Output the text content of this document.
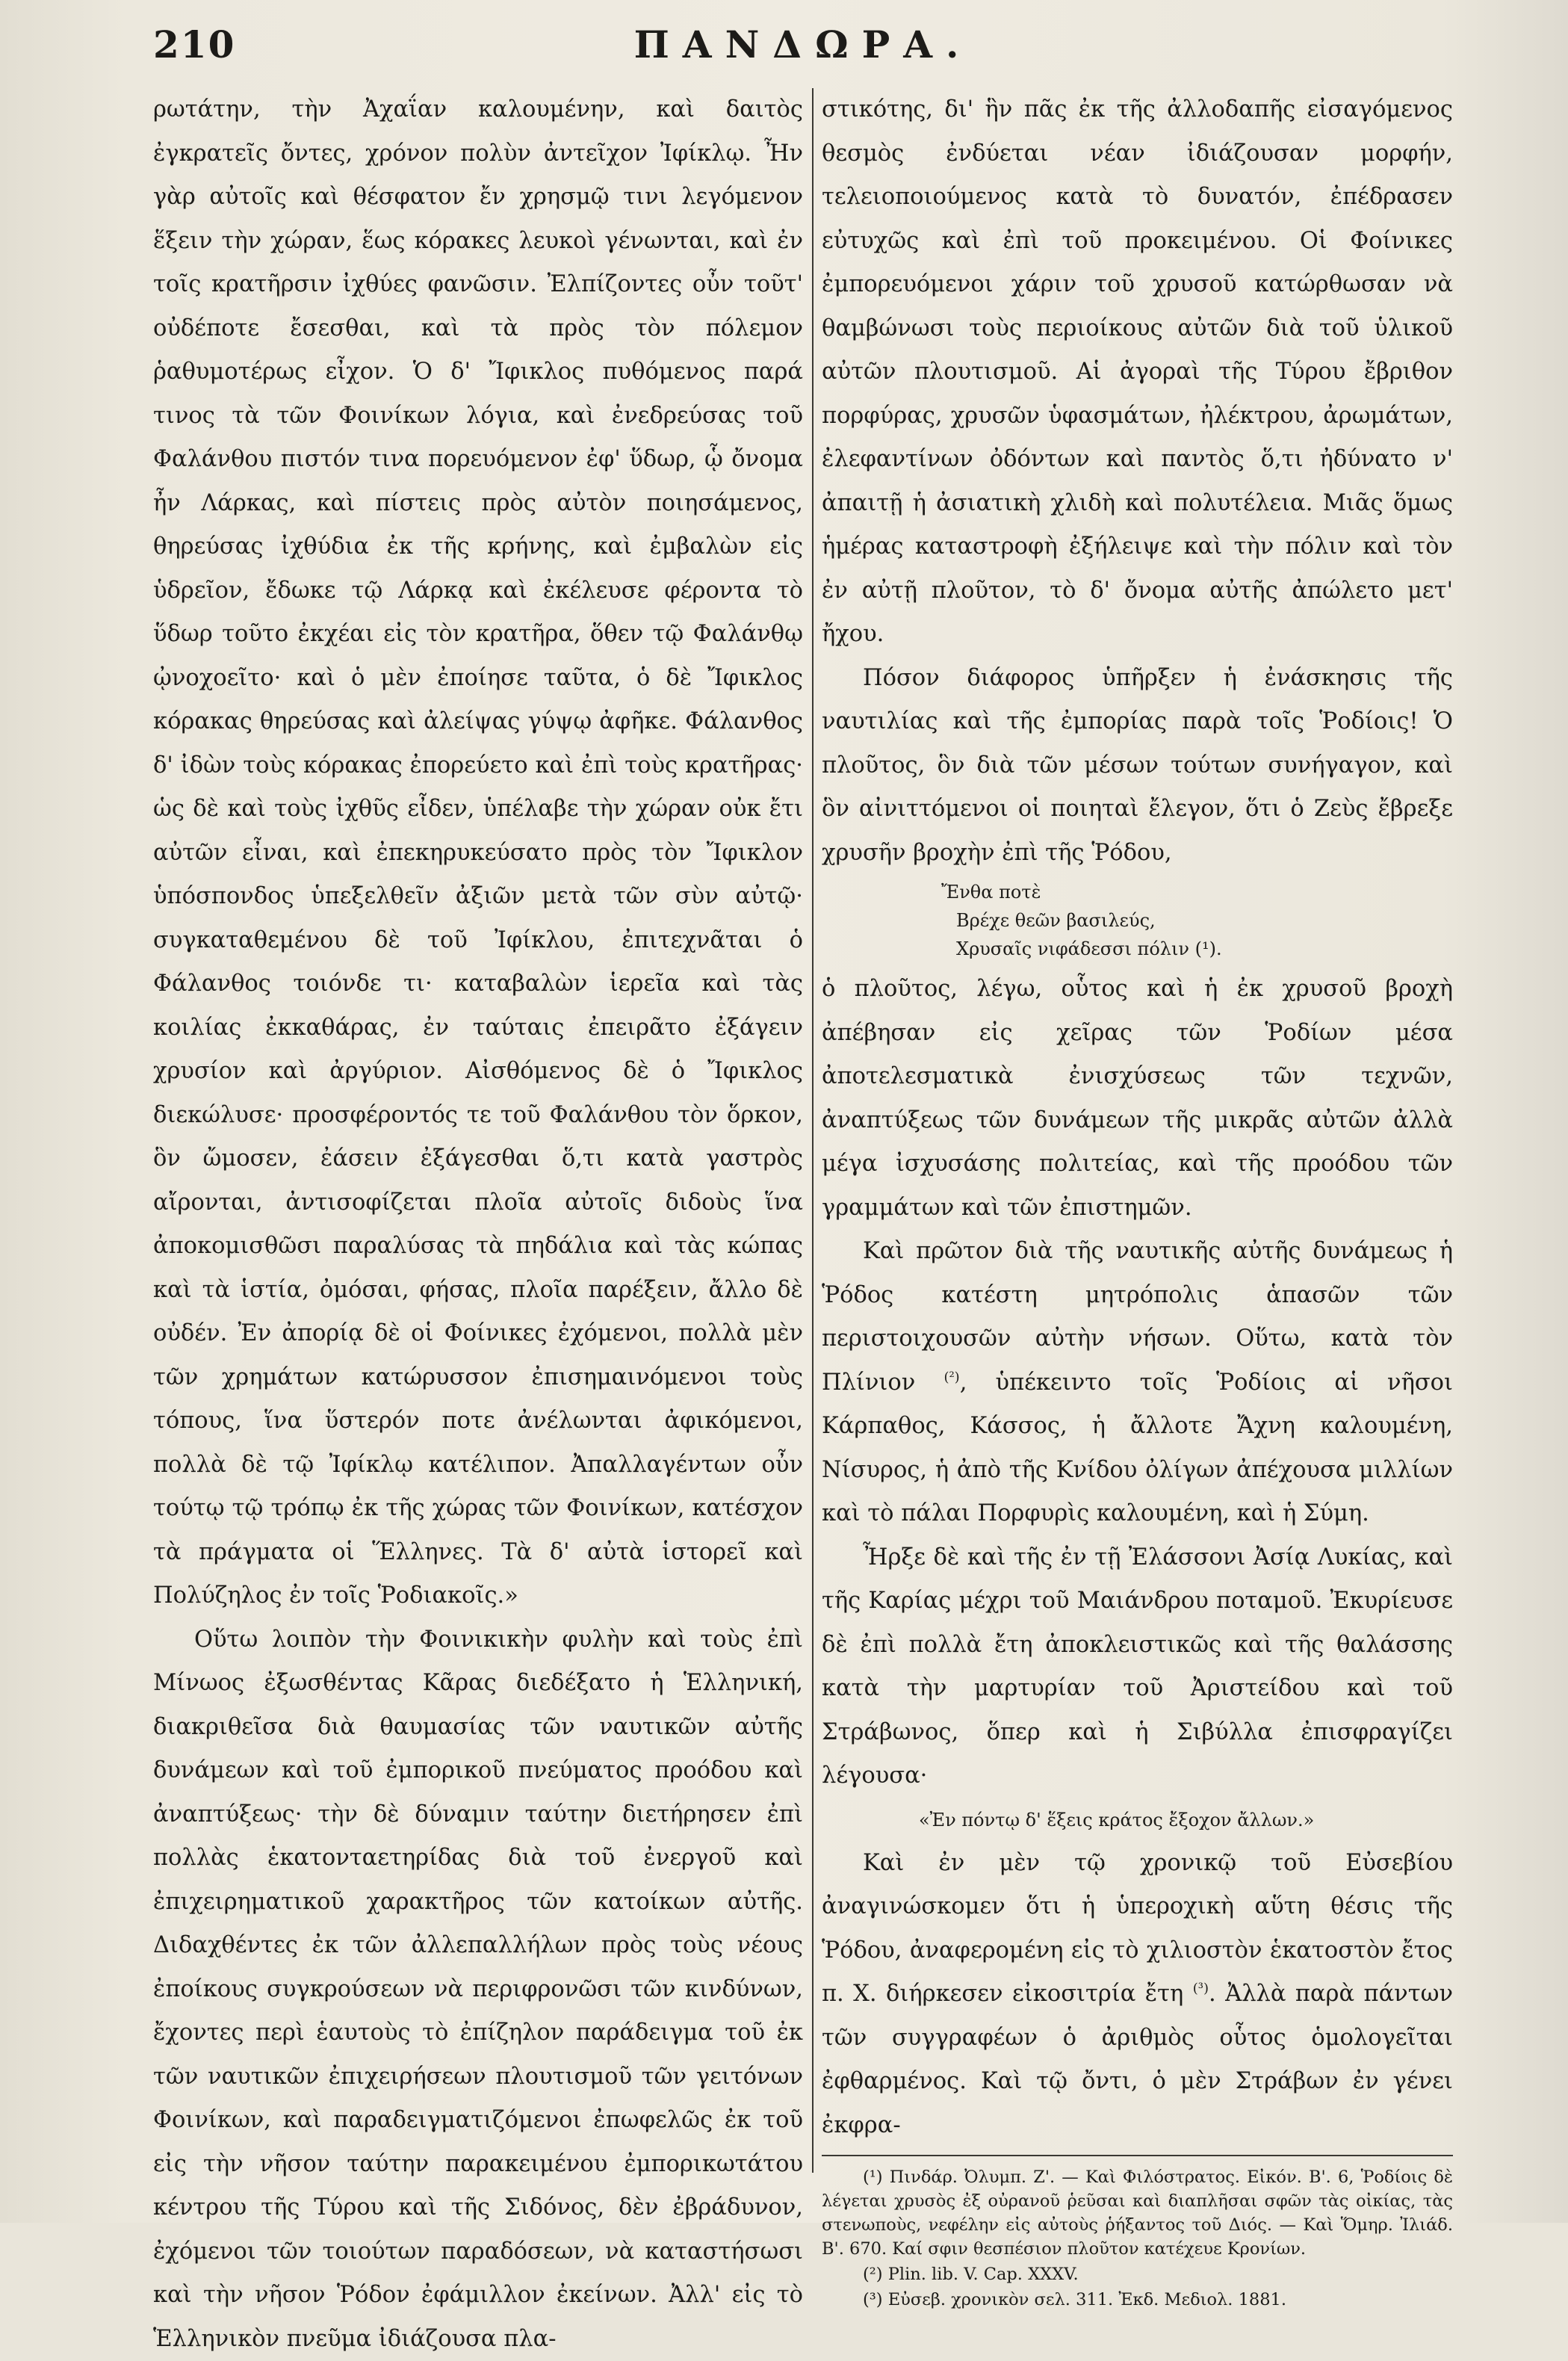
210	ΠΑΝΔΩΡΑ.

ρωτάτην, τὴν Ἀχαΐαν καλουμένην, καὶ δαιτὸς ἐγκρατεῖς ὄντες, χρόνον πολὺν ἀντεῖχον Ἰφίκλῳ. Ἦν γὰρ αὐτοῖς καὶ θέσφατον ἔν χρησμῷ τινι λεγόμενον ἕξειν τὴν χώραν, ἕως κόρακες λευκοὶ γένωνται, καὶ ἐν τοῖς κρατῆρσιν ἰχθύες φανῶσιν. Ἐλπίζοντες οὖν τοῦτ' οὐδέποτε ἔσεσθαι, καὶ τὰ πρὸς τὸν πόλεμον ῥαθυμοτέρως εἶχον. Ὁ δ' Ἴφικλος πυθόμενος παρά τινος τὰ τῶν Φοινίκων λόγια, καὶ ἐνεδρεύσας τοῦ Φαλάνθου πιστόν τινα πορευόμενον ἐφ' ὕδωρ, ᾧ ὄνομα ἦν Λάρκας, καὶ πίστεις πρὸς αὐτὸν ποιησάμενος, θηρεύσας ἰχθύδια ἐκ τῆς κρήνης, καὶ ἐμβαλὼν εἰς ὑδρεῖον, ἔδωκε τῷ Λάρκᾳ καὶ ἐκέλευσε φέροντα τὸ ὕδωρ τοῦτο ἐκχέαι εἰς τὸν κρατῆρα, ὅθεν τῷ Φαλάνθῳ ᾠνοχοεῖτο· καὶ ὁ μὲν ἐποίησε ταῦτα, ὁ δὲ Ἴφικλος κόρακας θηρεύσας καὶ ἀλείψας γύψῳ ἀφῆκε. Φάλανθος δ' ἰδὼν τοὺς κόρακας ἐπορεύετο καὶ ἐπὶ τοὺς κρατῆρας· ὡς δὲ καὶ τοὺς ἰχθῦς εἶδεν, ὑπέλαβε τὴν χώραν οὐκ ἔτι αὐτῶν εἶναι, καὶ ἐπεκηρυκεύσατο πρὸς τὸν Ἴφικλον ὑπόσπονδος ὑπεξελθεῖν ἀξιῶν μετὰ τῶν σὺν αὐτῷ· συγκαταθεμένου δὲ τοῦ Ἰφίκλου, ἐπιτεχνᾶται ὁ Φάλανθος τοιόνδε τι· καταβαλὼν ἱερεῖα καὶ τὰς κοιλίας ἐκκαθάρας, ἐν ταύταις ἐπειρᾶτο ἐξάγειν χρυσίον καὶ ἀργύριον. Αἰσθόμενος δὲ ὁ Ἴφικλος διεκώλυσε· προσφέροντός τε τοῦ Φαλάνθου τὸν ὅρκον, ὃν ὤμοσεν, ἐάσειν ἐξάγεσθαι ὅ,τι κατὰ γαστρὸς αἴρονται, ἀντισοφίζεται πλοῖα αὐτοῖς διδοὺς ἵνα ἀποκομισθῶσι παραλύσας τὰ πηδάλια καὶ τὰς κώπας καὶ τὰ ἱστία, ὀμόσαι, φήσας, πλοῖα παρέξειν, ἄλλο δὲ οὐδέν. Ἐν ἀπορίᾳ δὲ οἱ Φοίνικες ἐχόμενοι, πολλὰ μὲν τῶν χρημάτων κατώρυσσον ἐπισημαινόμενοι τοὺς τόπους, ἵνα ὕστερόν ποτε ἀνέλωνται ἀφικόμενοι, πολλὰ δὲ τῷ Ἰφίκλῳ κατέλιπον. Ἀπαλλαγέντων οὖν τούτῳ τῷ τρόπῳ ἐκ τῆς χώρας τῶν Φοινίκων, κατέσχον τὰ πράγματα οἱ Ἕλληνες. Τὰ δ' αὐτὰ ἱστορεῖ καὶ Πολύζηλος ἐν τοῖς Ῥοδιακοῖς.»

Οὕτω λοιπὸν τὴν Φοινικικὴν φυλὴν καὶ τοὺς ἐπὶ Μίνωος ἐξωσθέντας Κᾶρας διεδέξατο ἡ Ἑλληνική, διακριθεῖσα διὰ θαυμασίας τῶν ναυτικῶν αὐτῆς δυνάμεων καὶ τοῦ ἐμπορικοῦ πνεύματος προόδου καὶ ἀναπτύξεως· τὴν δὲ δύναμιν ταύτην διετήρησεν ἐπὶ πολλὰς ἑκατονταετηρίδας διὰ τοῦ ἐνεργοῦ καὶ ἐπιχειρηματικοῦ χαρακτῆρος τῶν κατοίκων αὐτῆς. Διδαχθέντες ἐκ τῶν ἀλλεπαλλήλων πρὸς τοὺς νέους ἐποίκους συγκρούσεων νὰ περιφρονῶσι τῶν κινδύνων, ἔχοντες περὶ ἑαυτοὺς τὸ ἐπίζηλον παράδειγμα τοῦ ἐκ τῶν ναυτικῶν ἐπιχειρήσεων πλουτισμοῦ τῶν γειτόνων Φοινίκων, καὶ παραδειγματιζόμενοι ἐπωφελῶς ἐκ τοῦ εἰς τὴν νῆσον ταύτην παρακειμένου ἐμπορικωτάτου κέντρου τῆς Τύρου καὶ τῆς Σιδόνος, δὲν ἐβράδυνον, ἐχόμενοι τῶν τοιούτων παραδόσεων, νὰ καταστήσωσι καὶ τὴν νῆσον Ῥόδον ἐφάμιλλον ἐκείνων. Ἀλλ' εἰς τὸ Ἑλληνικὸν πνεῦμα ἰδιάζουσα πλα-

στικότης, δι' ἣν πᾶς ἐκ τῆς ἀλλοδαπῆς εἰσαγόμενος θεσμὸς ἐνδύεται νέαν ἰδιάζουσαν μορφήν, τελειοποιούμενος κατὰ τὸ δυνατόν, ἐπέδρασεν εὐτυχῶς καὶ ἐπὶ τοῦ προκειμένου. Οἱ Φοίνικες ἐμπορευόμενοι χάριν τοῦ χρυσοῦ κατώρθωσαν νὰ θαμβώνωσι τοὺς περιοίκους αὐτῶν διὰ τοῦ ὑλικοῦ αὐτῶν πλουτισμοῦ. Αἱ ἀγοραὶ τῆς Τύρου ἔβριθον πορφύρας, χρυσῶν ὑφασμάτων, ἠλέκτρου, ἀρωμάτων, ἐλεφαντίνων ὀδόντων καὶ παντὸς ὅ,τι ἠδύνατο ν' ἀπαιτῇ ἡ ἀσιατικὴ χλιδὴ καὶ πολυτέλεια. Μιᾶς ὅμως ἡμέρας καταστροφὴ ἐξήλειψε καὶ τὴν πόλιν καὶ τὸν ἐν αὐτῇ πλοῦτον, τὸ δ' ὄνομα αὐτῆς ἀπώλετο μετ' ἤχου.

Πόσον διάφορος ὑπῆρξεν ἡ ἐνάσκησις τῆς ναυτιλίας καὶ τῆς ἐμπορίας παρὰ τοῖς Ῥοδίοις! Ὁ πλοῦτος, ὃν διὰ τῶν μέσων τούτων συνήγαγον, καὶ ὃν αἰνιττόμενοι οἱ ποιηταὶ ἔλεγον, ὅτι ὁ Ζεὺς ἔβρεξε χρυσῆν βροχὴν ἐπὶ τῆς Ῥόδου,

Ἔνθα ποτὲ
Βρέχε θεῶν βασιλεύς,
Χρυσαῖς νιφάδεσσι πόλιν (¹).

ὁ πλοῦτος, λέγω, οὗτος καὶ ἡ ἐκ χρυσοῦ βροχὴ ἀπέβησαν εἰς χεῖρας τῶν Ῥοδίων μέσα ἀποτελεσματικὰ ἐνισχύσεως τῶν τεχνῶν, ἀναπτύξεως τῶν δυνάμεων τῆς μικρᾶς αὐτῶν ἀλλὰ μέγα ἰσχυσάσης πολιτείας, καὶ τῆς προόδου τῶν γραμμάτων καὶ τῶν ἐπιστημῶν.

Καὶ πρῶτον διὰ τῆς ναυτικῆς αὐτῆς δυνάμεως ἡ Ῥόδος κατέστη μητρόπολις ἁπασῶν τῶν περιστοιχουσῶν αὐτὴν νήσων. Οὕτω, κατὰ τὸν Πλίνιον $^{(^2)}$, ὑπέκειντο τοῖς Ῥοδίοις αἱ νῆσοι Κάρπαθος, Κάσσος, ἡ ἄλλοτε Ἄχνη καλουμένη, Νίσυρος, ἡ ἀπὸ τῆς Κνίδου ὀλίγων ἀπέχουσα μιλλίων καὶ τὸ πάλαι Πορφυρὶς καλουμένη, καὶ ἡ Σύμη.

Ἦρξε δὲ καὶ τῆς ἐν τῇ Ἐλάσσονι Ἀσίᾳ Λυκίας, καὶ τῆς Καρίας μέχρι τοῦ Μαιάνδρου ποταμοῦ. Ἐκυρίευσε δὲ ἐπὶ πολλὰ ἔτη ἀποκλειστικῶς καὶ τῆς θαλάσσης κατὰ τὴν μαρτυρίαν τοῦ Ἀριστείδου καὶ τοῦ Στράβωνος, ὅπερ καὶ ἡ Σιβύλλα ἐπισφραγίζει λέγουσα·

«Ἐν πόντῳ δ' ἕξεις κράτος ἔξοχον ἄλλων.»

Καὶ ἐν μὲν τῷ χρονικῷ τοῦ Εὐσεβίου ἀναγινώσκομεν ὅτι ἡ ὑπεροχικὴ αὕτη θέσις τῆς Ῥόδου, ἀναφερομένη εἰς τὸ χιλιοστὸν ἑκατοστὸν ἔτος π. Χ. διήρκεσεν εἰκοσιτρία ἔτη $^{(^3)}$. Ἀλλὰ παρὰ πάντων τῶν συγγραφέων ὁ ἀριθμὸς οὗτος ὁμολογεῖται ἐφθαρμένος. Καὶ τῷ ὄντι, ὁ μὲν Στράβων ἐν γένει ἐκφρα-

(¹) Πινδάρ. Ὀλυμπ. Ζ'. — Καὶ Φιλόστρατος. Εἰκόν. Β'. 6, Ῥοδίοις δὲ λέγεται χρυσὸς ἐξ οὐρανοῦ ῥεῦσαι καὶ διαπλῆσαι σφῶν τὰς οἰκίας, τὰς στενωποὺς, νεφέλην εἰς αὐτοὺς ῥήξαντος τοῦ Διός. — Καὶ Ὅμηρ. Ἰλιάδ. Β'. 670. Καί σφιν θεσπέσιον πλοῦτον κατέχευε Κρονίων.

(²) Plin. lib. V. Cap. XXXV.

(³) Εὐσεβ. χρονικὸν σελ. 311. Ἐκδ. Μεδιολ. 1881.
